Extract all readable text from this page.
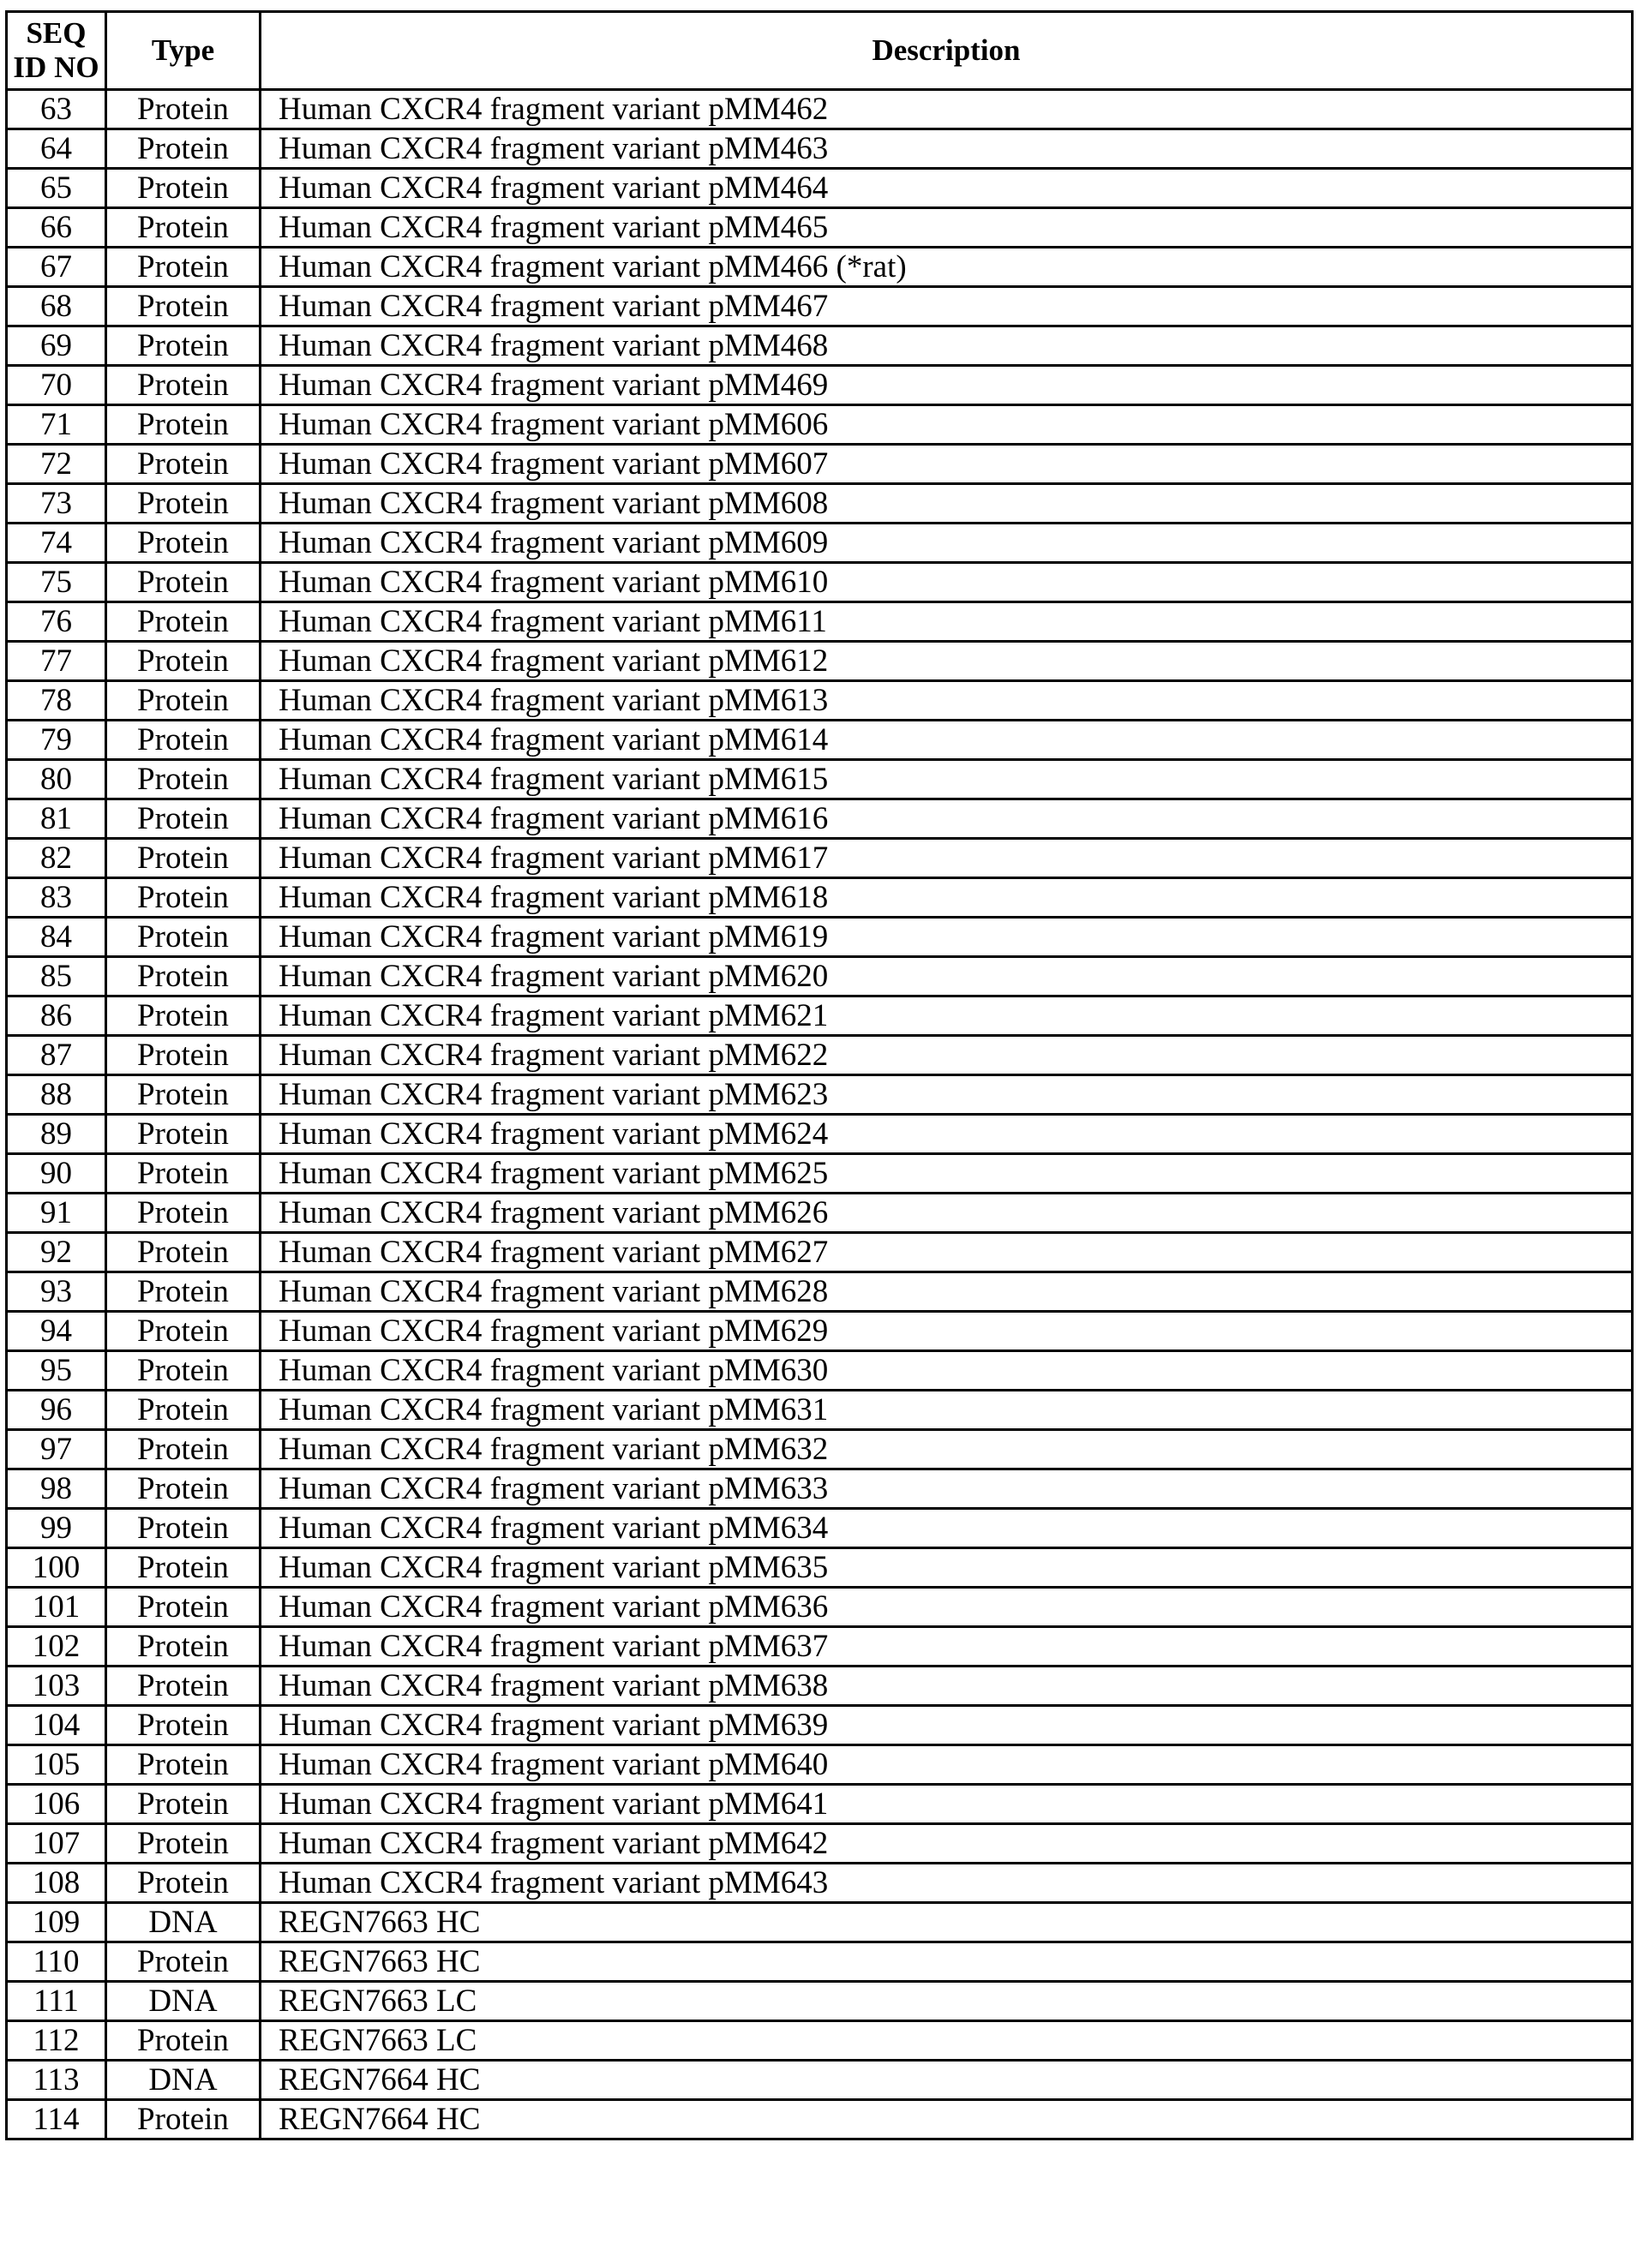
SEQ ID NO	Type	Description
63	Protein	Human CXCR4 fragment variant pMM462
64	Protein	Human CXCR4 fragment variant pMM463
65	Protein	Human CXCR4 fragment variant pMM464
66	Protein	Human CXCR4 fragment variant pMM465
67	Protein	Human CXCR4 fragment variant pMM466 (*rat)
68	Protein	Human CXCR4 fragment variant pMM467
69	Protein	Human CXCR4 fragment variant pMM468
70	Protein	Human CXCR4 fragment variant pMM469
71	Protein	Human CXCR4 fragment variant pMM606
72	Protein	Human CXCR4 fragment variant pMM607
73	Protein	Human CXCR4 fragment variant pMM608
74	Protein	Human CXCR4 fragment variant pMM609
75	Protein	Human CXCR4 fragment variant pMM610
76	Protein	Human CXCR4 fragment variant pMM611
77	Protein	Human CXCR4 fragment variant pMM612
78	Protein	Human CXCR4 fragment variant pMM613
79	Protein	Human CXCR4 fragment variant pMM614
80	Protein	Human CXCR4 fragment variant pMM615
81	Protein	Human CXCR4 fragment variant pMM616
82	Protein	Human CXCR4 fragment variant pMM617
83	Protein	Human CXCR4 fragment variant pMM618
84	Protein	Human CXCR4 fragment variant pMM619
85	Protein	Human CXCR4 fragment variant pMM620
86	Protein	Human CXCR4 fragment variant pMM621
87	Protein	Human CXCR4 fragment variant pMM622
88	Protein	Human CXCR4 fragment variant pMM623
89	Protein	Human CXCR4 fragment variant pMM624
90	Protein	Human CXCR4 fragment variant pMM625
91	Protein	Human CXCR4 fragment variant pMM626
92	Protein	Human CXCR4 fragment variant pMM627
93	Protein	Human CXCR4 fragment variant pMM628
94	Protein	Human CXCR4 fragment variant pMM629
95	Protein	Human CXCR4 fragment variant pMM630
96	Protein	Human CXCR4 fragment variant pMM631
97	Protein	Human CXCR4 fragment variant pMM632
98	Protein	Human CXCR4 fragment variant pMM633
99	Protein	Human CXCR4 fragment variant pMM634
100	Protein	Human CXCR4 fragment variant pMM635
101	Protein	Human CXCR4 fragment variant pMM636
102	Protein	Human CXCR4 fragment variant pMM637
103	Protein	Human CXCR4 fragment variant pMM638
104	Protein	Human CXCR4 fragment variant pMM639
105	Protein	Human CXCR4 fragment variant pMM640
106	Protein	Human CXCR4 fragment variant pMM641
107	Protein	Human CXCR4 fragment variant pMM642
108	Protein	Human CXCR4 fragment variant pMM643
109	DNA	REGN7663 HC
110	Protein	REGN7663 HC
111	DNA	REGN7663 LC
112	Protein	REGN7663 LC
113	DNA	REGN7664 HC
114	Protein	REGN7664 HC
